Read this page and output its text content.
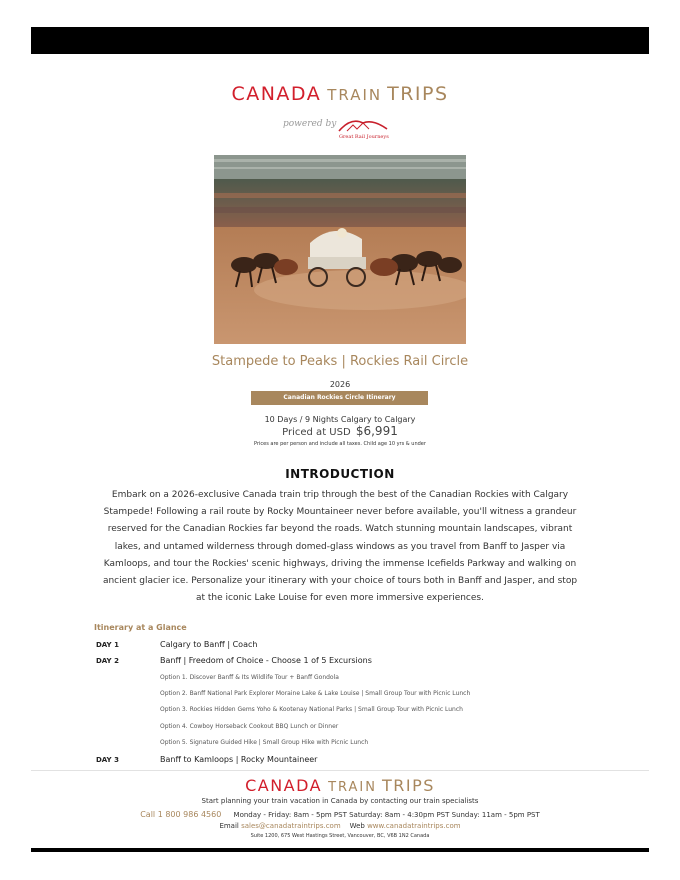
CANADA TRAIN TRIPS
powered by
Great Rail Journeys
Stampede to Peaks | Rockies Rail Circle
2026
Canadian Rockies Circle Itinerary
10 Days / 9 Nights Calgary to Calgary
Priced at USD $6,991
Prices are per person and include all taxes. Child age 10 yrs & under
INTRODUCTION
Embark on a 2026-exclusive Canada train trip through the best of the Canadian Rockies with Calgary Stampede! Following a rail route by Rocky Mountaineer never before available, you'll witness a grandeur reserved for the Canadian Rockies far beyond the roads. Watch stunning mountain landscapes, vibrant lakes, and untamed wilderness through domed-glass windows as you travel from Banff to Jasper via Kamloops, and tour the Rockies' scenic highways, driving the immense Icefields Parkway and walking on ancient glacier ice. Personalize your itinerary with your choice of tours both in Banff and Jasper, and stop at the iconic Lake Louise for even more immersive experiences.
Itinerary at a Glance
DAY 1	Calgary to Banff | Coach
DAY 2	Banff | Freedom of Choice - Choose 1 of 5 Excursions
Option 1. Discover Banff & Its Wildlife Tour + Banff Gondola
Option 2. Banff National Park Explorer Moraine Lake & Lake Louise | Small Group Tour with Picnic Lunch
Option 3. Rockies Hidden Gems Yoho & Kootenay National Parks | Small Group Tour with Picnic Lunch
Option 4. Cowboy Horseback Cookout BBQ Lunch or Dinner
Option 5. Signature Guided Hike | Small Group Hike with Picnic Lunch
DAY 3	Banff to Kamloops | Rocky Mountaineer
CANADA TRAIN TRIPS
Start planning your train vacation in Canada by contacting our train specialists
Call 1 800 986 4560 Monday - Friday: 8am - 5pm PST Saturday: 8am - 4:30pm PST Sunday: 11am - 5pm PST
Email sales@canadatraintrips.com Web www.canadatraintrips.com
Suite 1200, 675 West Hastings Street, Vancouver, BC, V6B 1N2 Canada
